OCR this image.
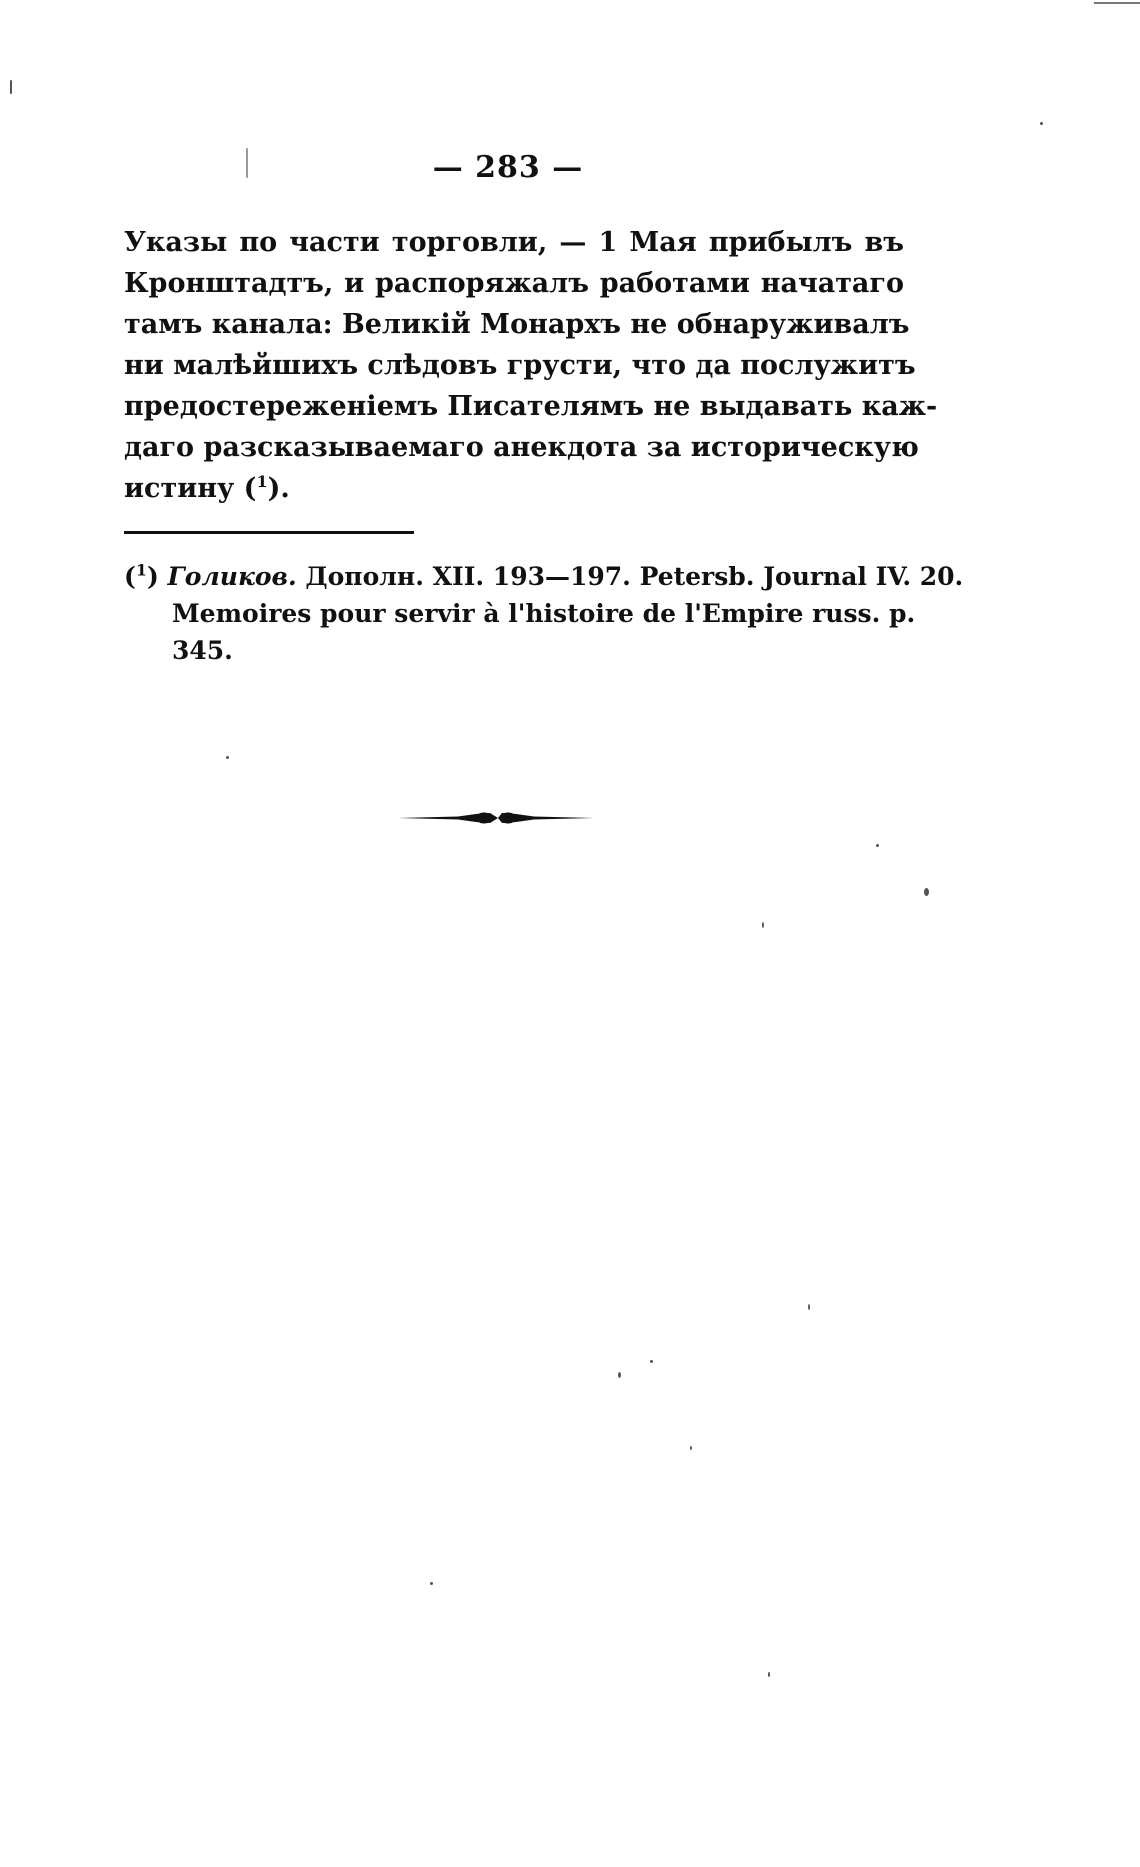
— 283 —
Указы по части торговли, — 1 Мая прибылъ въ
Кронштадтъ, и распоряжалъ работами начатаго
тамъ канала: Великій Монархъ не обнаруживалъ
ни малѣйшихъ слѣдовъ грусти, что да послужитъ
предостереженіемъ Писателямъ не выдавать каж-
даго разсказываемаго анекдота за историческую
истину ($^1$).
($^1$) Голиков. Дополн. XII. 193—197. Petersb. Journal IV. 20.
Memoires pour servir à l'histoire de l'Empire russ. p.
345.
